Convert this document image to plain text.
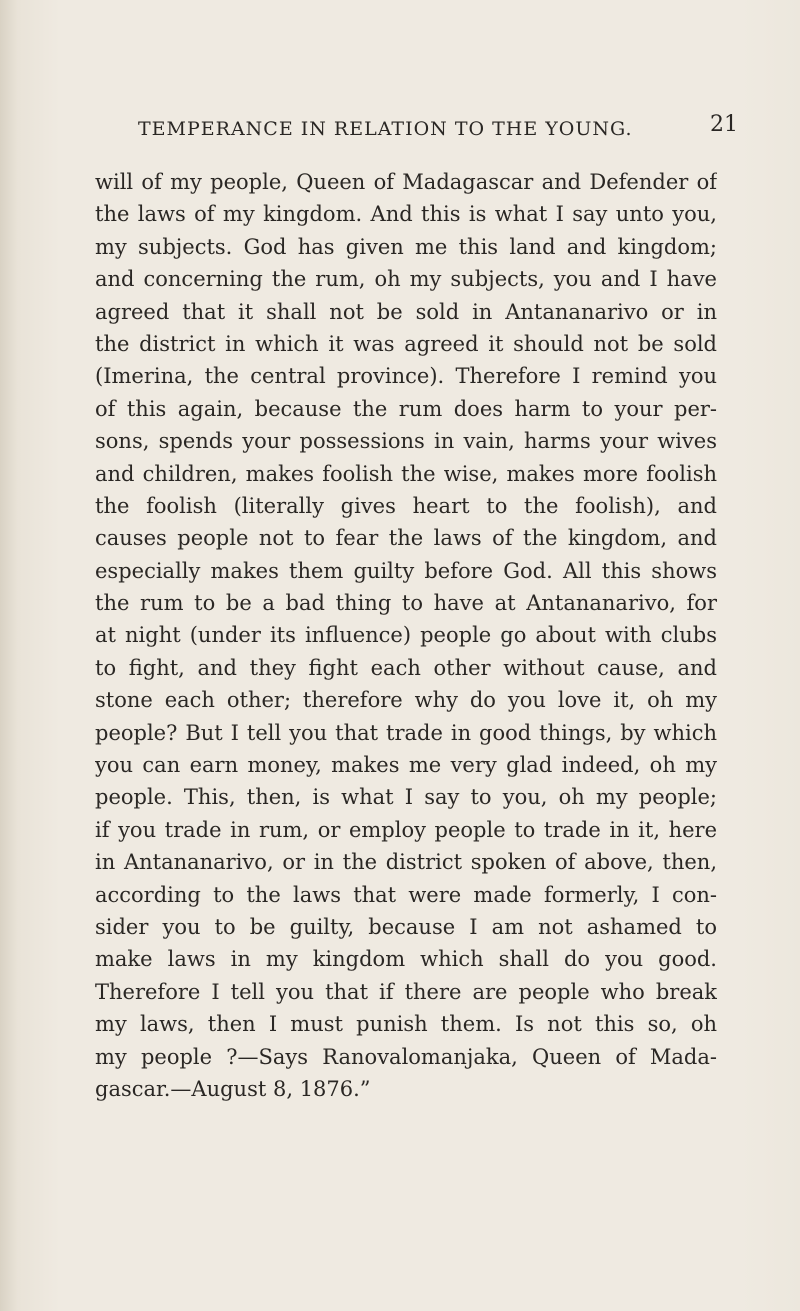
TEMPERANCE IN RELATION TO THE YOUNG.	21
will of my people, Queen of Madagascar and Defender of
the laws of my kingdom. And this is what I say unto you,
my subjects. God has given me this land and kingdom;
and concerning the rum, oh my subjects, you and I have
agreed that it shall not be sold in Antananarivo or in
the district in which it was agreed it should not be sold
(Imerina, the central province). Therefore I remind you
of this again, because the rum does harm to your per-
sons, spends your possessions in vain, harms your wives
and children, makes foolish the wise, makes more foolish
the foolish (literally gives heart to the foolish), and
causes people not to fear the laws of the kingdom, and
especially makes them guilty before God. All this shows
the rum to be a bad thing to have at Antananarivo, for
at night (under its influence) people go about with clubs
to fight, and they fight each other without cause, and
stone each other; therefore why do you love it, oh my
people? But I tell you that trade in good things, by which
you can earn money, makes me very glad indeed, oh my
people. This, then, is what I say to you, oh my people;
if you trade in rum, or employ people to trade in it, here
in Antananarivo, or in the district spoken of above, then,
according to the laws that were made formerly, I con-
sider you to be guilty, because I am not ashamed to
make laws in my kingdom which shall do you good.
Therefore I tell you that if there are people who break
my laws, then I must punish them. Is not this so, oh
my people ?—Says Ranovalomanjaka, Queen of Mada-
gascar.—August 8, 1876.”
